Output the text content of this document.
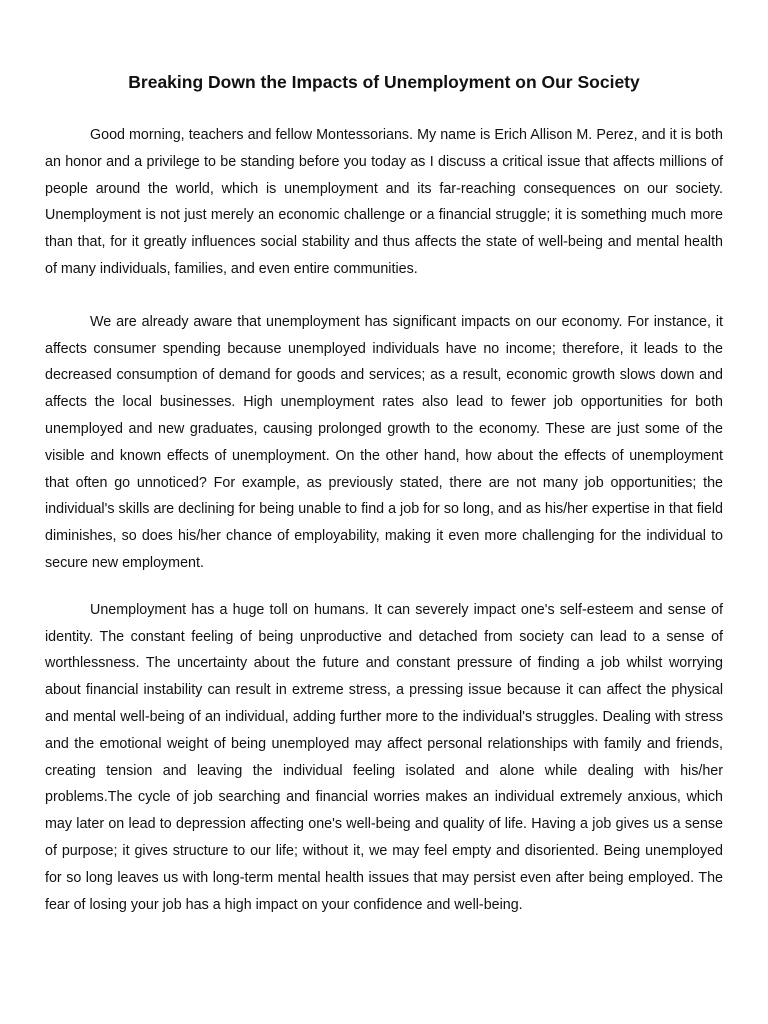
Breaking Down the Impacts of Unemployment on Our Society

Good morning, teachers and fellow Montessorians. My name is Erich Allison M. Perez, and it is both an honor and a privilege to be standing before you today as I discuss a critical issue that affects millions of people around the world, which is unemployment and its far-reaching consequences on our society. Unemployment is not just merely an economic challenge or a financial struggle; it is something much more than that, for it greatly influences social stability and thus affects the state of well-being and mental health of many individuals, families, and even entire communities.

We are already aware that unemployment has significant impacts on our economy. For instance, it affects consumer spending because unemployed individuals have no income; therefore, it leads to the decreased consumption of demand for goods and services; as a result, economic growth slows down and affects the local businesses. High unemployment rates also lead to fewer job opportunities for both unemployed and new graduates, causing prolonged growth to the economy. These are just some of the visible and known effects of unemployment. On the other hand, how about the effects of unemployment that often go unnoticed? For example, as previously stated, there are not many job opportunities; the individual's skills are declining for being unable to find a job for so long, and as his/her expertise in that field diminishes, so does his/her chance of employability, making it even more challenging for the individual to secure new employment.

Unemployment has a huge toll on humans. It can severely impact one's self-esteem and sense of identity. The constant feeling of being unproductive and detached from society can lead to a sense of worthlessness. The uncertainty about the future and constant pressure of finding a job whilst worrying about financial instability can result in extreme stress, a pressing issue because it can affect the physical and mental well-being of an individual, adding further more to the individual's struggles. Dealing with stress and the emotional weight of being unemployed may affect personal relationships with family and friends, creating tension and leaving the individual feeling isolated and alone while dealing with his/her problems.The cycle of job searching and financial worries makes an individual extremely anxious, which may later on lead to depression affecting one's well-being and quality of life. Having a job gives us a sense of purpose; it gives structure to our life; without it, we may feel empty and disoriented. Being unemployed for so long leaves us with long-term mental health issues that may persist even after being employed. The fear of losing your job has a high impact on your confidence and well-being.
